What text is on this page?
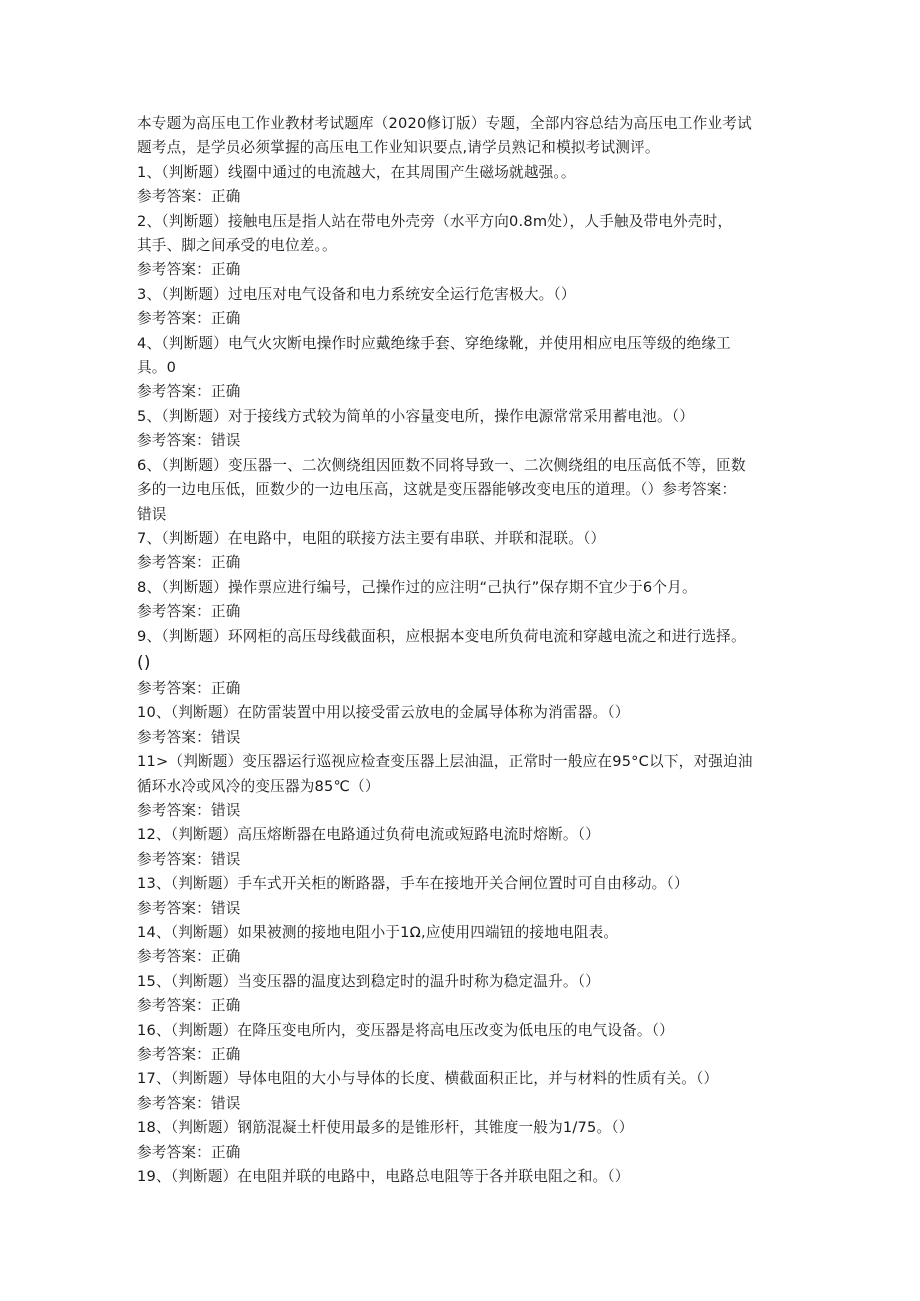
本专题为高压电工作业教材考试题库（2020修订版）专题，全部内容总结为高压电工作业考试

题考点，是学员必须掌握的高压电工作业知识要点,请学员熟记和模拟考试测评。

1、（判断题）线圈中通过的电流越大，在其周围产生磁场就越强。。

参考答案：正确

2、（判断题）接触电压是指人站在带电外壳旁（水平方向0.8m处），人手触及带电外壳时，

其手、脚之间承受的电位差。。

参考答案：正确

3、（判断题）过电压对电气设备和电力系统安全运行危害极大。（）

参考答案：正确

4、（判断题）电气火灾断电操作时应戴绝缘手套、穿绝缘靴，并使用相应电压等级的绝缘工

具。0

参考答案：正确

5、（判断题）对于接线方式较为简单的小容量变电所，操作电源常常采用蓄电池。（）

参考答案：错误

6、（判断题）变压器一、二次侧绕组因匝数不同将导致一、二次侧绕组的电压高低不等，匝数

多的一边电压低，匝数少的一边电压高，这就是变压器能够改变电压的道理。（）参考答案：

错误

7、（判断题）在电路中，电阻的联接方法主要有串联、并联和混联。（）

参考答案：正确

8、（判断题）操作票应进行编号，己操作过的应注明“己执行”保存期不宜少于6个月。

参考答案：正确

9、（判断题）环网柜的高压母线截面积，应根据本变电所负荷电流和穿越电流之和进行选择。

()

参考答案：正确

10、（判断题）在防雷装置中用以接受雷云放电的金属导体称为消雷器。（）

参考答案：错误

11>（判断题）变压器运行巡视应检查变压器上层油温，正常时一般应在95°C以下，对强迫油

循环水冷或风冷的变压器为85℃（）

参考答案：错误

12、（判断题）高压熔断器在电路通过负荷电流或短路电流时熔断。（）

参考答案：错误

13、（判断题）手车式开关柜的断路器，手车在接地开关合闸位置时可自由移动。（）

参考答案：错误

14、（判断题）如果被测的接地电阻小于1Ω,应使用四端钮的接地电阻表。

参考答案：正确

15、（判断题）当变压器的温度达到稳定时的温升时称为稳定温升。（）

参考答案：正确

16、（判断题）在降压变电所内，变压器是将高电压改变为低电压的电气设备。（）

参考答案：正确

17、（判断题）导体电阻的大小与导体的长度、横截面积正比，并与材料的性质有关。（）

参考答案：错误

18、（判断题）钢筋混凝土杆使用最多的是锥形杆，其锥度一般为1∕75。（）

参考答案：正确

19、（判断题）在电阻并联的电路中，电路总电阻等于各并联电阻之和。（）
